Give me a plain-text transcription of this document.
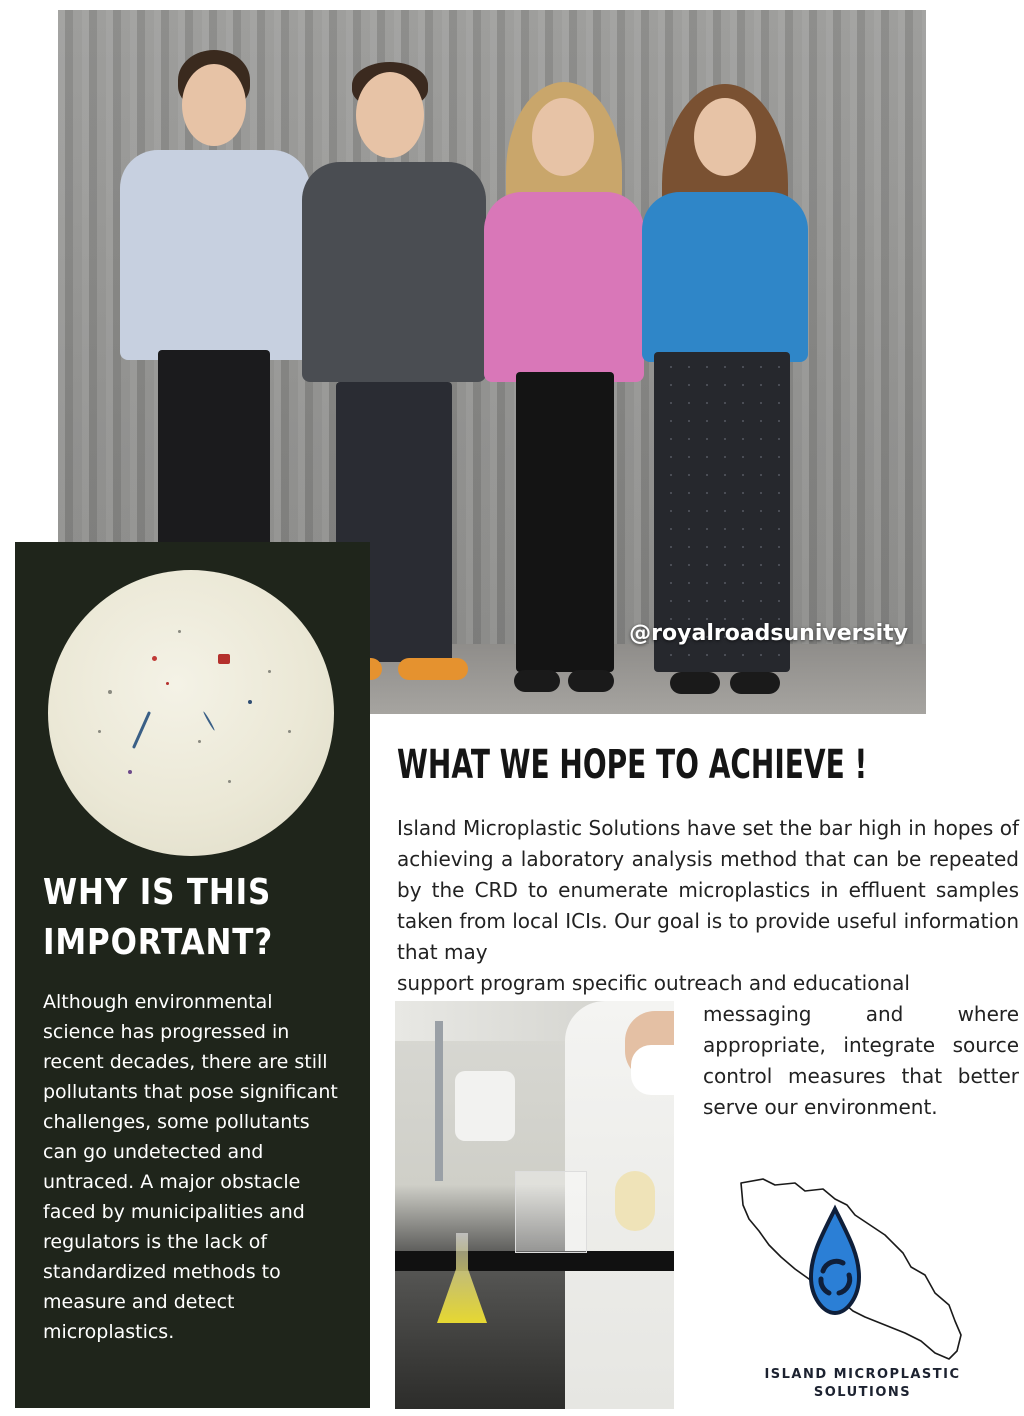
@royalroadsuniversity
WHY IS THIS
IMPORTANT?

Although environmental science has progressed in recent decades, there are still pollutants that pose significant challenges, some pollutants can go undetected and untraced. A major obstacle faced by municipalities and regulators is the lack of standardized methods to measure and detect microplastics.

WHAT WE HOPE TO ACHIEVE !

Island Microplastic Solutions have set the bar high in hopes of achieving a laboratory analysis method that can be repeated by the CRD to enumerate microplastics in effluent samples taken from local ICIs. Our goal is to provide useful information that may
support program specific outreach and educational

messaging and where appropriate, integrate source control measures that better serve our environment.

ISLAND MICROPLASTIC
SOLUTIONS
